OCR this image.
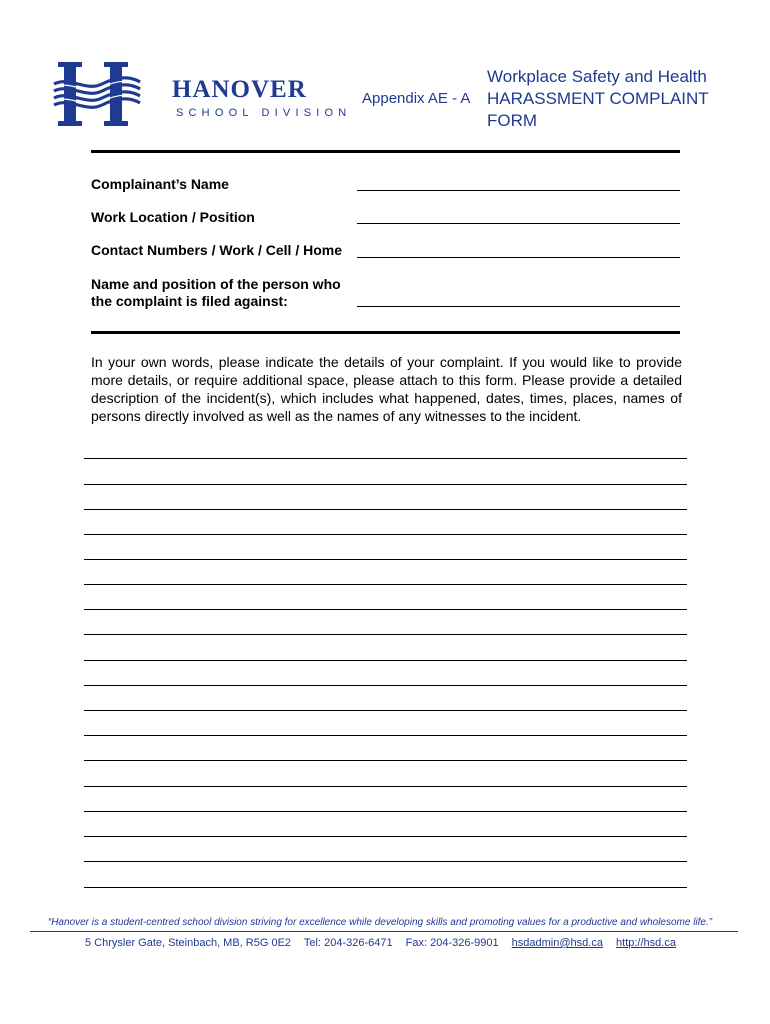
HANOVER
SCHOOL DIVISION
Appendix AE - A
Workplace Safety and Health
HARASSMENT COMPLAINT
FORM
Complainant’s Name
Work Location / Position
Contact Numbers / Work / Cell / Home
Name and position of the person who the complaint is filed against:
In your own words, please indicate the details of your complaint. If you would like to provide more details, or require additional space, please attach to this form. Please provide a detailed description of the incident(s), which includes what happened, dates, times, places, names of persons directly involved as well as the names of any witnesses to the incident.
“Hanover is a student-centred school division striving for excellence while developing skills and promoting values for a productive and wholesome life.”
5 Chrysler Gate, Steinbach, MB, R5G 0E2 Tel: 204-326-6471 Fax: 204-326-9901 hsdadmin@hsd.ca http://hsd.ca
